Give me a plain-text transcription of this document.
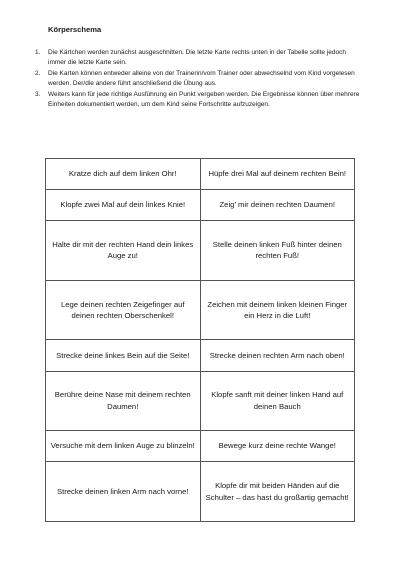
Körperschema
1. Die Kärtchen werden zunächst ausgeschnitten. Die letzte Karte rechts unten in der Tabelle sollte jedoch immer die letzte Karte sein.
2. Die Karten können entweder alleine von der Trainerin/vom Trainer oder abwechselnd vom Kind vorgelesen werden. Der/die andere führt anschließend die Übung aus.
3. Weiters kann für jede richtige Ausführung ein Punkt vergeben werden. Die Ergebnisse können über mehrere Einheiten dokumentiert werden, um dem Kind seine Fortschritte aufzuzeigen.
Kratze dich auf dem linken Ohr!	Hüpfe drei Mal auf deinem rechten Bein!
Klopfe zwei Mal auf dein linkes Knie!	Zeig’ mir deinen rechten Daumen!
Halte dir mit der rechten Hand dein linkes Auge zu!	Stelle deinen linken Fuß hinter deinen rechten Fuß!
Lege deinen rechten Zeigefinger auf deinen rechten Oberschenkel!	Zeichen mit deinem linken kleinen Finger ein Herz in die Luft!
Strecke deine linkes Bein auf die Seite!	Strecke deinen rechten Arm nach oben!
Berühre deine Nase mit deinem rechten Daumen!	Klopfe sanft mit deiner linken Hand auf deinen Bauch
Versuche mit dem linken Auge zu blinzeln!	Bewege kurz deine rechte Wange!
Strecke deinen linken Arm nach vorne!	Klopfe dir mit beiden Händen auf die Schulter – das hast du großartig gemacht!
